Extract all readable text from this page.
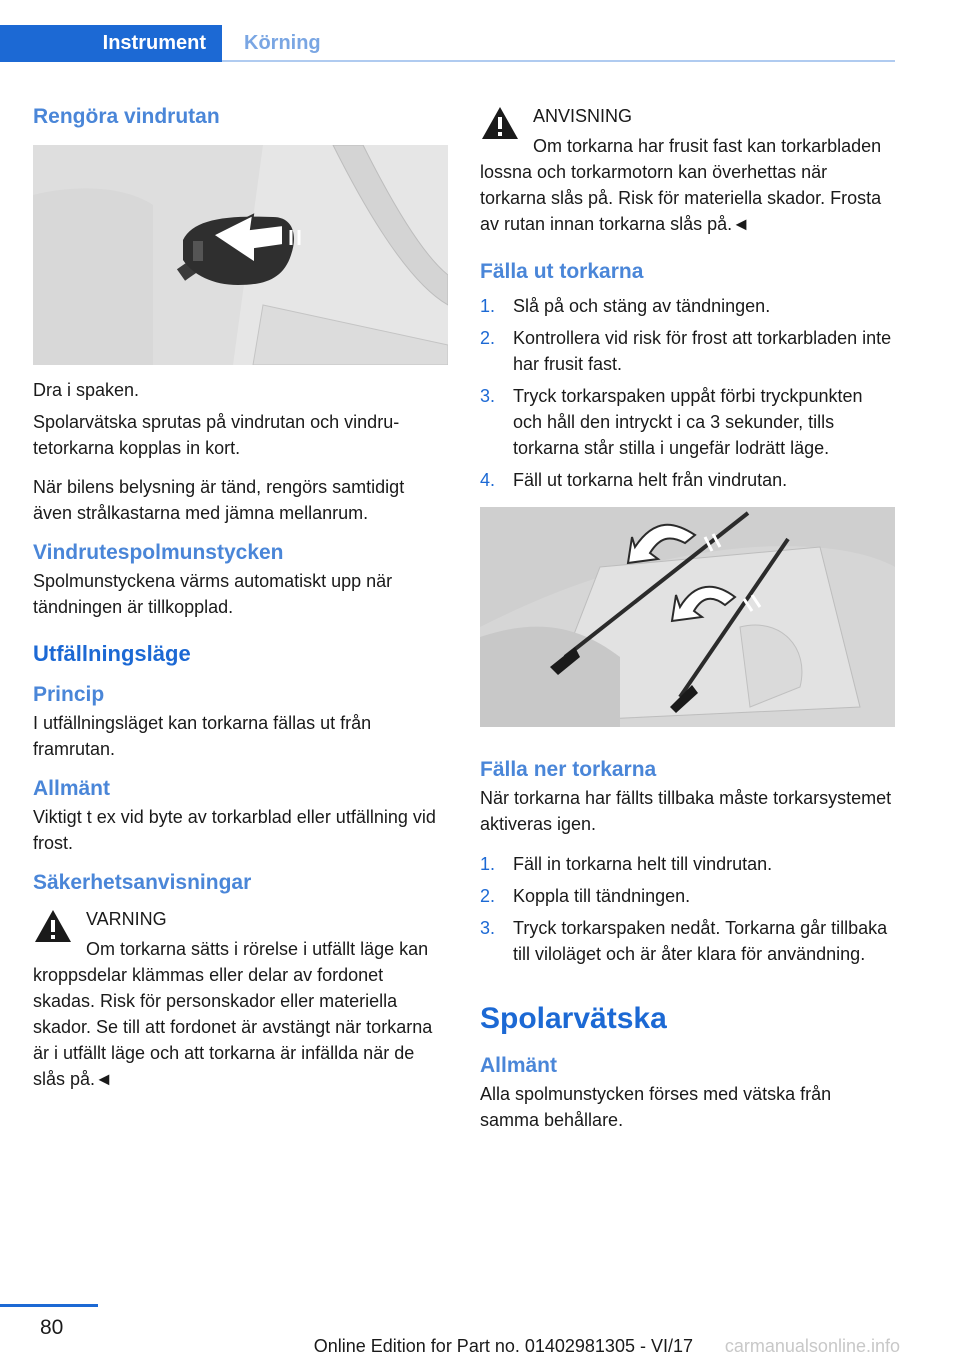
Instrument	Körning
Rengöra vindrutan

Dra i spaken.

Spolarvätska sprutas på vindrutan och vindrutetorkarna kopplas in kort.

När bilens belysning är tänd, rengörs samtidigt även strålkastarna med jämna mellanrum.

Vindrutespolmunstycken

Spolmunstyckena värms automatiskt upp när tändningen är tillkopplad.

Utfällningsläge
Princip

I utfällningsläget kan torkarna fällas ut från framrutan.

Allmänt

Viktigt t ex vid byte av torkarblad eller utfällning vid frost.

Säkerhetsanvisningar
VARNING
Om torkarna sätts i rörelse i utfällt läge kan kroppsdelar klämmas eller delar av fordonet skadas. Risk för personskador eller materiella skador. Se till att fordonet är avstängt när torkarna är i utfällt läge och att torkarna är infällda när de slås på.◄
ANVISNING
Om torkarna har frusit fast kan torkarbladen lossna och torkarmotorn kan överhettas när torkarna slås på. Risk för materiella skador. Frosta av rutan innan torkarna slås på.◄
Fälla ut torkarna
1. Slå på och stäng av tändningen.
2. Kontrollera vid risk för frost att torkarbladen inte har frusit fast.
3. Tryck torkarspaken uppåt förbi tryckpunkten och håll den intryckt i ca 3 sekunder, tills torkarna står stilla i ungefär lodrätt läge.
4. Fäll ut torkarna helt från vindrutan.
Fälla ner torkarna

När torkarna har fällts tillbaka måste torkarsystemet aktiveras igen.

1. Fäll in torkarna helt till vindrutan.
2. Koppla till tändningen.
3. Tryck torkarspaken nedåt. Torkarna går tillbaka till viloläget och är åter klara för användning.
Spolarvätska
Allmänt

Alla spolmunstycken förses med vätska från samma behållare.

80
Online Edition for Part no. 01402981305 - VI/17 carmanualsonline.info
